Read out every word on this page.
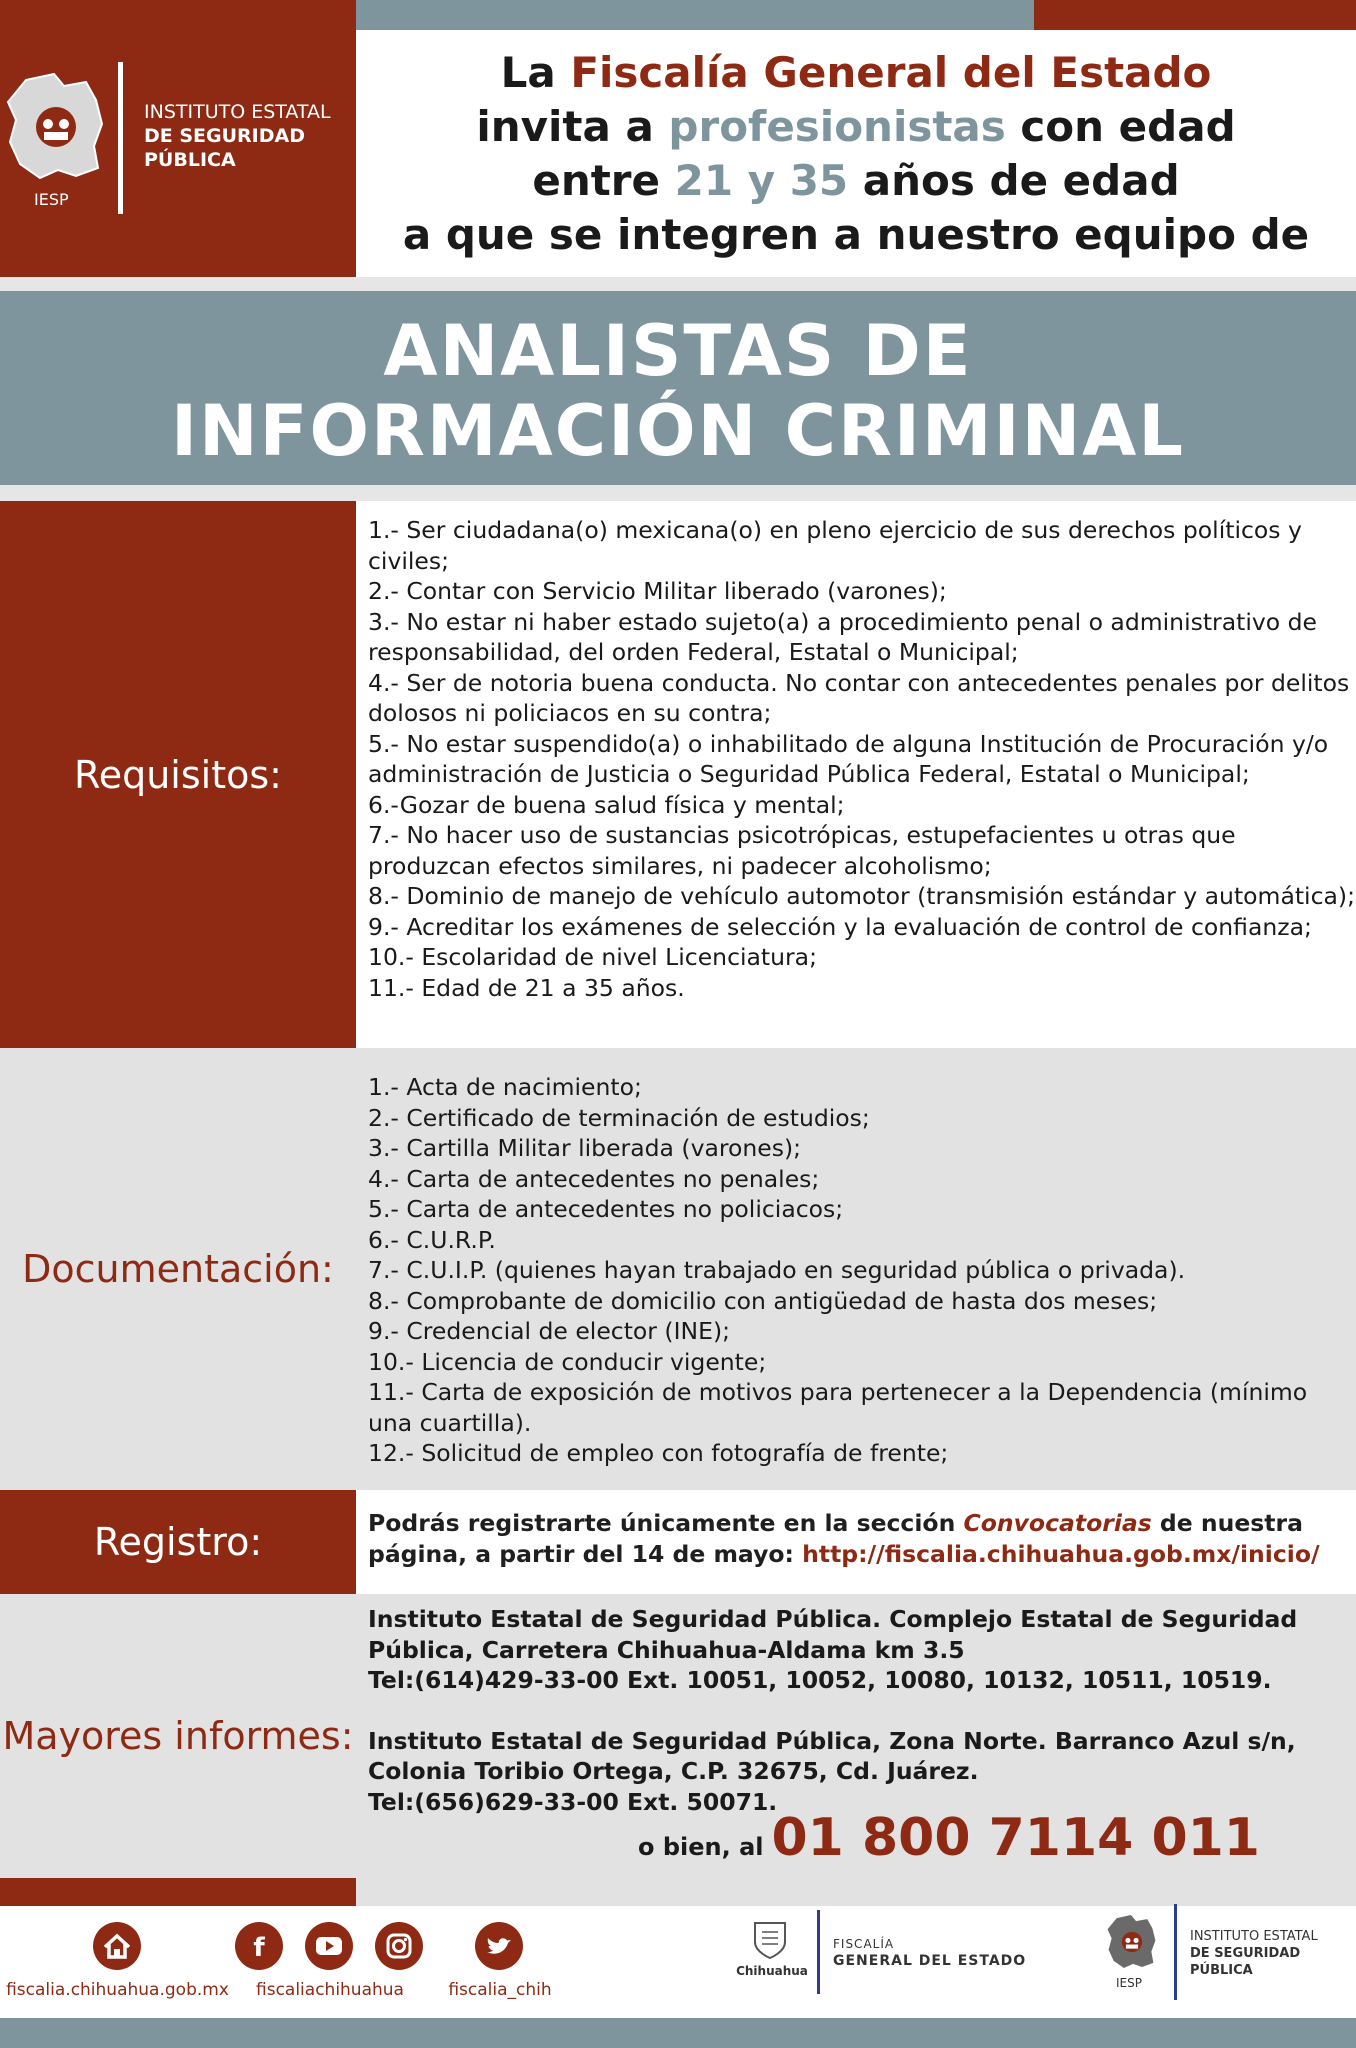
IESP
INSTITUTO ESTATAL
DE SEGURIDAD
PÚBLICA
La Fiscalía General del Estado
invita a profesionistas con edad
entre 21 y 35 años de edad
a que se integren a nuestro equipo de
ANALISTAS DE
INFORMACIÓN CRIMINAL
Requisitos:
1.- Ser ciudadana(o) mexicana(o) en pleno ejercicio de sus derechos políticos y civiles;
2.- Contar con Servicio Militar liberado (varones);
3.- No estar ni haber estado sujeto(a) a procedimiento penal o administrativo de responsabilidad, del orden Federal, Estatal o Municipal;
4.- Ser de notoria buena conducta. No contar con antecedentes penales por delitos dolosos ni policiacos en su contra;
5.- No estar suspendido(a) o inhabilitado de alguna Institución de Procuración y/o administración de Justicia o Seguridad Pública Federal, Estatal o Municipal;
6.-Gozar de buena salud física y mental;
7.- No hacer uso de sustancias psicotrópicas, estupefacientes u otras que produzcan efectos similares, ni padecer alcoholismo;
8.- Dominio de manejo de vehículo automotor (transmisión estándar y automática);
9.- Acreditar los exámenes de selección y la evaluación de control de confianza;
10.- Escolaridad de nivel Licenciatura;
11.- Edad de 21 a 35 años.
Documentación:
1.- Acta de nacimiento;
2.- Certificado de terminación de estudios;
3.- Cartilla Militar liberada (varones);
4.- Carta de antecedentes no penales;
5.- Carta de antecedentes no policiacos;
6.- C.U.R.P.
7.- C.U.I.P. (quienes hayan trabajado en seguridad pública o privada).
8.- Comprobante de domicilio con antigüedad de hasta dos meses;
9.- Credencial de elector (INE);
10.- Licencia de conducir vigente;
11.- Carta de exposición de motivos para pertenecer a la Dependencia (mínimo una cuartilla).
12.- Solicitud de empleo con fotografía de frente;
Registro:	Podrás registrarte únicamente en la sección Convocatorias de nuestra página, a partir del 14 de mayo: http://fiscalia.chihuahua.gob.mx/inicio/
Mayores informes:
Instituto Estatal de Seguridad Pública. Complejo Estatal de Seguridad Pública, Carretera Chihuahua-Aldama km 3.5
Tel:(614)429-33-00 Ext. 10051, 10052, 10080, 10132, 10511, 10519.
Instituto Estatal de Seguridad Pública, Zona Norte. Barranco Azul s/n, Colonia Toribio Ortega, C.P. 32675, Cd. Juárez.
Tel:(656)629-33-00 Ext. 50071.
o bien, al 01 800 7114 011
fiscalia.chihuahua.gob.mx
f
fiscaliachihuahua	fiscalia_chih
Chihuahua
FISCALÍA
GENERAL DEL ESTADO
IESP
INSTITUTO ESTATAL
DE SEGURIDAD
PÚBLICA
